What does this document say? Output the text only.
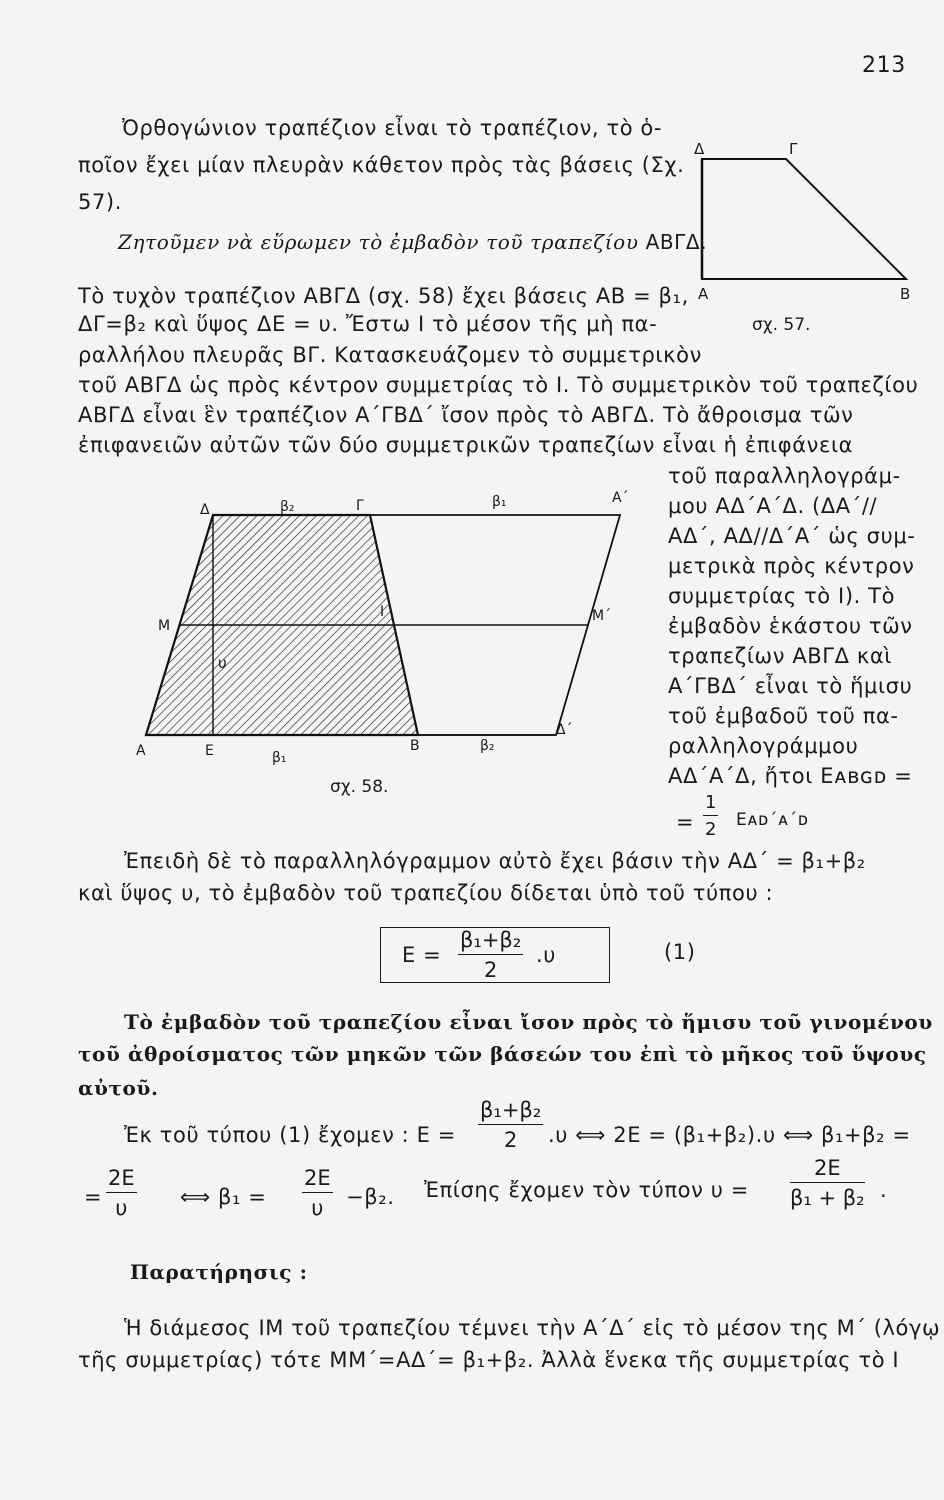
213
Ὀρθογώνιον τραπέζιον εἶναι τὸ τραπέζιον, τὸ ὁ-
ποῖον ἔχει μίαν πλευρὰν κάθετον πρὸς τὰς βάσεις (Σχ.
57).
Ζητοῦμεν νὰ εὕρωμεν τὸ ἐμβαδὸν τοῦ τραπεζίου ΑΒΓΔ.
Τὸ τυχὸν τραπέζιον ΑΒΓΔ (σχ. 58) ἔχει βάσεις ΑΒ = β₁,
ΔΓ=β₂ καὶ ὕψος ΔΕ = υ. Ἔστω Ι τὸ μέσον τῆς μὴ πα-
ραλλήλου πλευρᾶς ΒΓ. Κατασκευάζομεν τὸ συμμετρικὸν
τοῦ ΑΒΓΔ ὡς πρὸς κέντρον συμμετρίας τὸ Ι. Τὸ συμμετρικὸν τοῦ τραπεζίου
ΑΒΓΔ εἶναι ἓν τραπέζιον Α΄ΓΒΔ΄ ἴσον πρὸς τὸ ΑΒΓΔ. Τὸ ἄθροισμα τῶν
ἐπιφανειῶν αὐτῶν τῶν δύο συμμετρικῶν τραπεζίων εἶναι ἡ ἐπιφάνεια
τοῦ παραλληλογράμ-
μου ΑΔ΄Α΄Δ. (ΔΑ΄//
ΑΔ΄, ΑΔ//Δ΄Α΄ ὡς συμ-
μετρικὰ πρὸς κέντρον
συμμετρίας τὸ Ι). Τὸ
ἐμβαδὸν ἑκάστου τῶν
τραπεζίων ΑΒΓΔ καὶ
Α΄ΓΒΔ΄ εἶναι τὸ ἥμισυ
τοῦ ἐμβαδοῦ τοῦ πα-
ραλληλογράμμου
ΑΔ΄Α΄Δ, ἤτοι Eᴀʙɢᴅ =
= $\frac{1}{2}$ Eᴀᴅ΄ᴀ΄ᴅ
Ἐπειδὴ δὲ τὸ παραλληλόγραμμον αὐτὸ ἔχει βάσιν τὴν ΑΔ΄ = β₁+β₂
καὶ ὕψος υ, τὸ ἐμβαδὸν τοῦ τραπεζίου δίδεται ὑπὸ τοῦ τύπου :
$E = \frac{\text{β₁+β₂}}{2} .\upsilon$	(1)
Τὸ ἐμβαδὸν τοῦ τραπεζίου εἶναι ἴσον πρὸς τὸ ἥμισυ τοῦ γινομένου
τοῦ ἀθροίσματος τῶν μηκῶν τῶν βάσεών του ἐπὶ τὸ μῆκος τοῦ ὕψους
αὐτοῦ.
Ἐκ τοῦ τύπου (1) ἔχομεν : $E = \frac{\text{β₁+β₂}}{2} .\upsilon$ ⟺ 2E = (β₁+β₂).υ ⟺ β₁+β₂ =
= $\frac{2E}{\upsilon}$ ⟺ $\beta_1 = \frac{2E}{\upsilon} -\beta_2$. Ἐπίσης ἔχομεν τὸν τύπον $\upsilon = \frac{2E}{\text{β₁ + β₂}}$ .
Παρατήρησις :
Ἡ διάμεσος ΙΜ τοῦ τραπεζίου τέμνει τὴν Α΄Δ΄ εἰς τὸ μέσον της Μ΄ (λόγῳ
τῆς συμμετρίας) τότε ΜΜ΄=ΑΔ΄= β₁+β₂. Ἀλλὰ ἕνεκα τῆς συμμετρίας τὸ Ι
Δ	Γ
Α	Β
σχ. 57.
Δ	β₂	Γ	β₁	Α΄
Μ
Ι	Μ΄
υ
Α	Ε	β₁
Β	β₂
Δ΄
σχ. 58.
